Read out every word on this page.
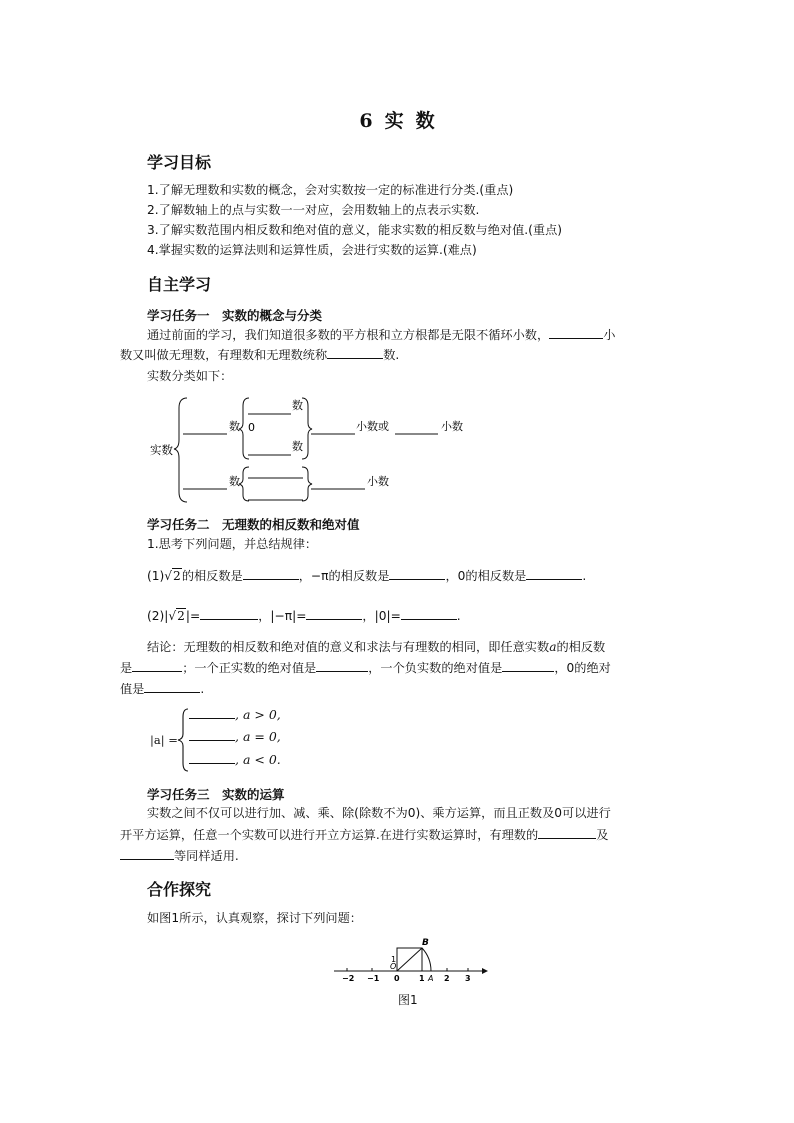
6 实 数
学习目标
1.了解无理数和实数的概念，会对实数按一定的标准进行分类.(重点)
2.了解数轴上的点与实数一一对应，会用数轴上的点表示实数.
3.了解实数范围内相反数和绝对值的意义，能求实数的相反数与绝对值.(重点)
4.掌握实数的运算法则和运算性质，会进行实数的运算.(难点)
自主学习
学习任务一　实数的概念与分类
通过前面的学习，我们知道很多数的平方根和立方根都是无限不循环小数，	小
数又叫做无理数，有理数和无理数统称	数.
实数分类如下：
实数
数
数
0
数
小数或	小数
数	小数
学习任务二　无理数的相反数和绝对值
1.思考下列问题，并总结规律：
(1)√2的相反数是	，−π的相反数是	，0的相反数是	.
(2)|√2|=	，|−π|=	，|0|=	.
结论：无理数的相反数和绝对值的意义和求法与有理数的相同，即任意实数a的相反数
是	；一个正实数的绝对值是	，一个负实数的绝对值是	，0的绝对
值是	.
|a| =
, a > 0,
, a = 0,
, a < 0.
学习任务三　实数的运算
实数之间不仅可以进行加、减、乘、除(除数不为0)、乘方运算，而且正数及0可以进行
开平方运算，任意一个实数可以进行开立方运算.在进行实数运算时，有理数的	及
等同样适用.
合作探究
如图1所示，认真观察，探讨下列问题：
B
1
O
A
−2 −1 0 1 2 3
图1
